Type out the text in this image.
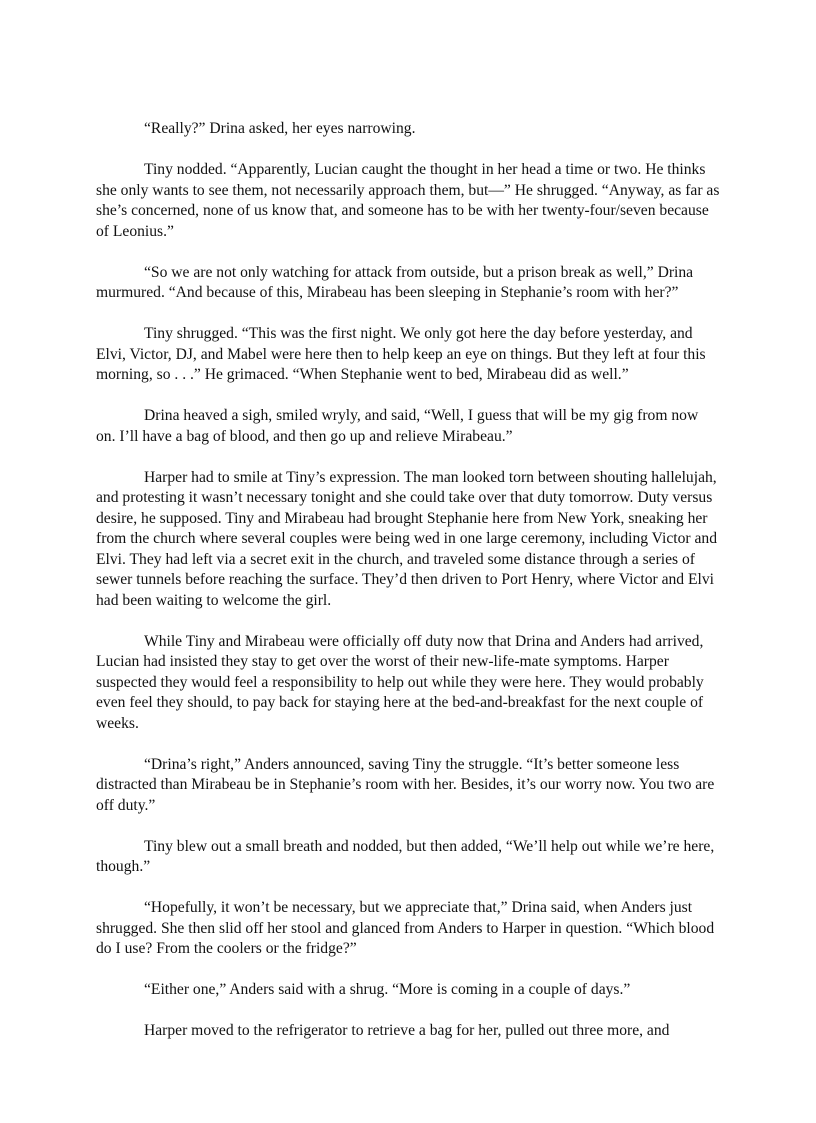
“Really?” Drina asked, her eyes narrowing.

Tiny nodded. “Apparently, Lucian caught the thought in her head a time or two. He thinks she only wants to see them, not necessarily approach them, but—” He shrugged. “Anyway, as far as she’s concerned, none of us know that, and someone has to be with her twenty-four/seven because of Leonius.”

“So we are not only watching for attack from outside, but a prison break as well,” Drina murmured. “And because of this, Mirabeau has been sleeping in Stephanie’s room with her?”

Tiny shrugged. “This was the first night. We only got here the day before yesterday, and Elvi, Victor, DJ, and Mabel were here then to help keep an eye on things. But they left at four this morning, so . . .” He grimaced. “When Stephanie went to bed, Mirabeau did as well.”

Drina heaved a sigh, smiled wryly, and said, “Well, I guess that will be my gig from now on. I’ll have a bag of blood, and then go up and relieve Mirabeau.”

Harper had to smile at Tiny’s expression. The man looked torn between shouting hallelujah, and protesting it wasn’t necessary tonight and she could take over that duty tomorrow. Duty versus desire, he supposed. Tiny and Mirabeau had brought Stephanie here from New York, sneaking her from the church where several couples were being wed in one large ceremony, including Victor and Elvi. They had left via a secret exit in the church, and traveled some distance through a series of sewer tunnels before reaching the surface. They’d then driven to Port Henry, where Victor and Elvi had been waiting to welcome the girl.

While Tiny and Mirabeau were officially off duty now that Drina and Anders had arrived, Lucian had insisted they stay to get over the worst of their new-life-mate symptoms. Harper suspected they would feel a responsibility to help out while they were here. They would probably even feel they should, to pay back for staying here at the bed-and-breakfast for the next couple of weeks.

“Drina’s right,” Anders announced, saving Tiny the struggle. “It’s better someone less distracted than Mirabeau be in Stephanie’s room with her. Besides, it’s our worry now. You two are off duty.”

Tiny blew out a small breath and nodded, but then added, “We’ll help out while we’re here, though.”

“Hopefully, it won’t be necessary, but we appreciate that,” Drina said, when Anders just shrugged. She then slid off her stool and glanced from Anders to Harper in question. “Which blood do I use? From the coolers or the fridge?”

“Either one,” Anders said with a shrug. “More is coming in a couple of days.”

Harper moved to the refrigerator to retrieve a bag for her, pulled out three more, and
